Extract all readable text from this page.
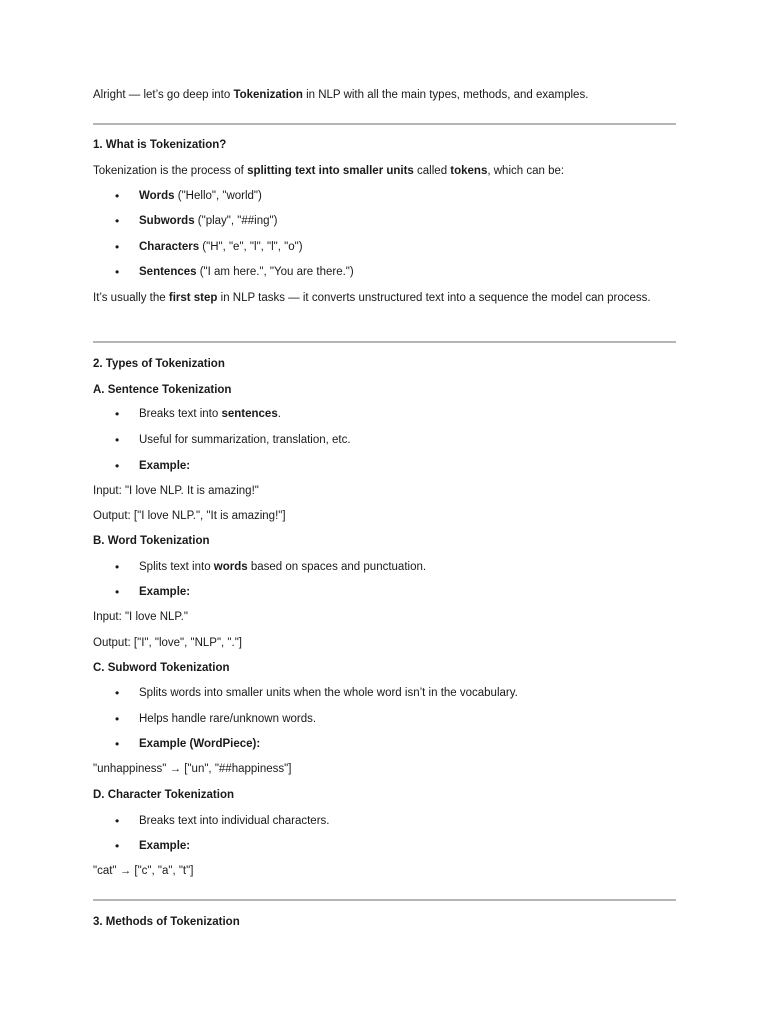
Alright — let’s go deep into Tokenization in NLP with all the main types, methods, and examples.
1. What is Tokenization?
Tokenization is the process of splitting text into smaller units called tokens, which can be:
• Words ("Hello", "world")
• Subwords ("play", "##ing")
• Characters ("H", "e", "l", "l", "o")
• Sentences ("I am here.", "You are there.")
It’s usually the first step in NLP tasks — it converts unstructured text into a sequence the model can process.
2. Types of Tokenization
A. Sentence Tokenization
• Breaks text into sentences.
• Useful for summarization, translation, etc.
• Example:
Input: "I love NLP. It is amazing!"
Output: ["I love NLP.", "It is amazing!"]
B. Word Tokenization
• Splits text into words based on spaces and punctuation.
• Example:
Input: "I love NLP."
Output: ["I", "love", "NLP", "."]
C. Subword Tokenization
• Splits words into smaller units when the whole word isn’t in the vocabulary.
• Helps handle rare/unknown words.
• Example (WordPiece):
"unhappiness" → ["un", "##happiness"]
D. Character Tokenization
• Breaks text into individual characters.
• Example:
"cat" → ["c", "a", "t"]
3. Methods of Tokenization
